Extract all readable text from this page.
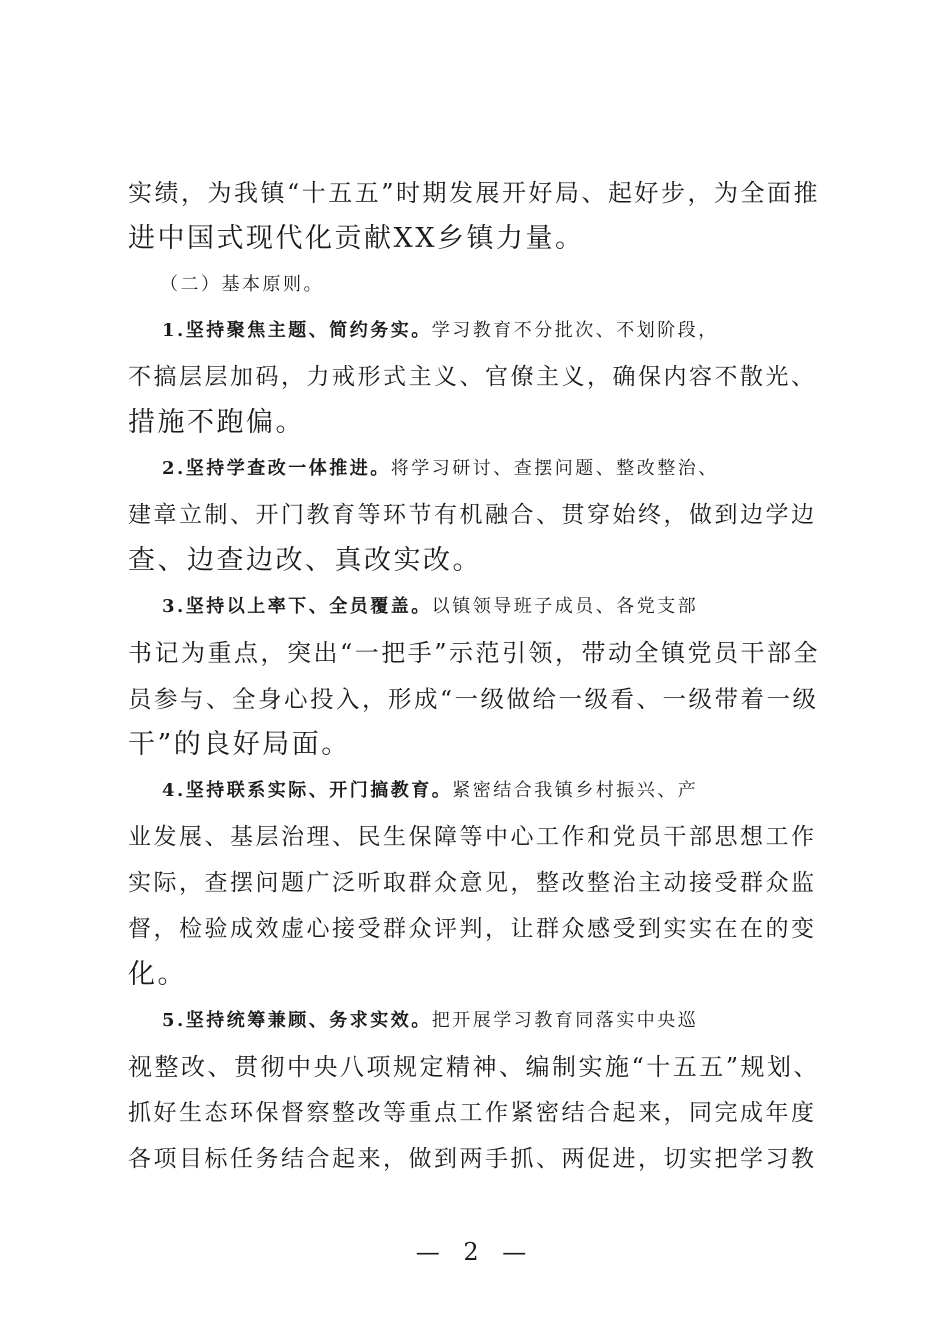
实绩，为我镇“十五五”时期发展开好局、起好步，为全面推
进中国式现代化贡献XX乡镇力量。
（二）基本原则。
1.坚持聚焦主题、简约务实。学习教育不分批次、不划阶段，
不搞层层加码，力戒形式主义、官僚主义，确保内容不散光、
措施不跑偏。
2.坚持学查改一体推进。将学习研讨、查摆问题、整改整治、
建章立制、开门教育等环节有机融合、贯穿始终，做到边学边
查、边查边改、真改实改。
3.坚持以上率下、全员覆盖。以镇领导班子成员、各党支部
书记为重点，突出“一把手”示范引领，带动全镇党员干部全
员参与、全身心投入，形成“一级做给一级看、一级带着一级
干”的良好局面。
4.坚持联系实际、开门搞教育。紧密结合我镇乡村振兴、产
业发展、基层治理、民生保障等中心工作和党员干部思想工作
实际，查摆问题广泛听取群众意见，整改整治主动接受群众监
督，检验成效虚心接受群众评判，让群众感受到实实在在的变
化。
5.坚持统筹兼顾、务求实效。把开展学习教育同落实中央巡
视整改、贯彻中央八项规定精神、编制实施“十五五”规划、
抓好生态环保督察整改等重点工作紧密结合起来，同完成年度
各项目标任务结合起来，做到两手抓、两促进，切实把学习教
— 2 —
